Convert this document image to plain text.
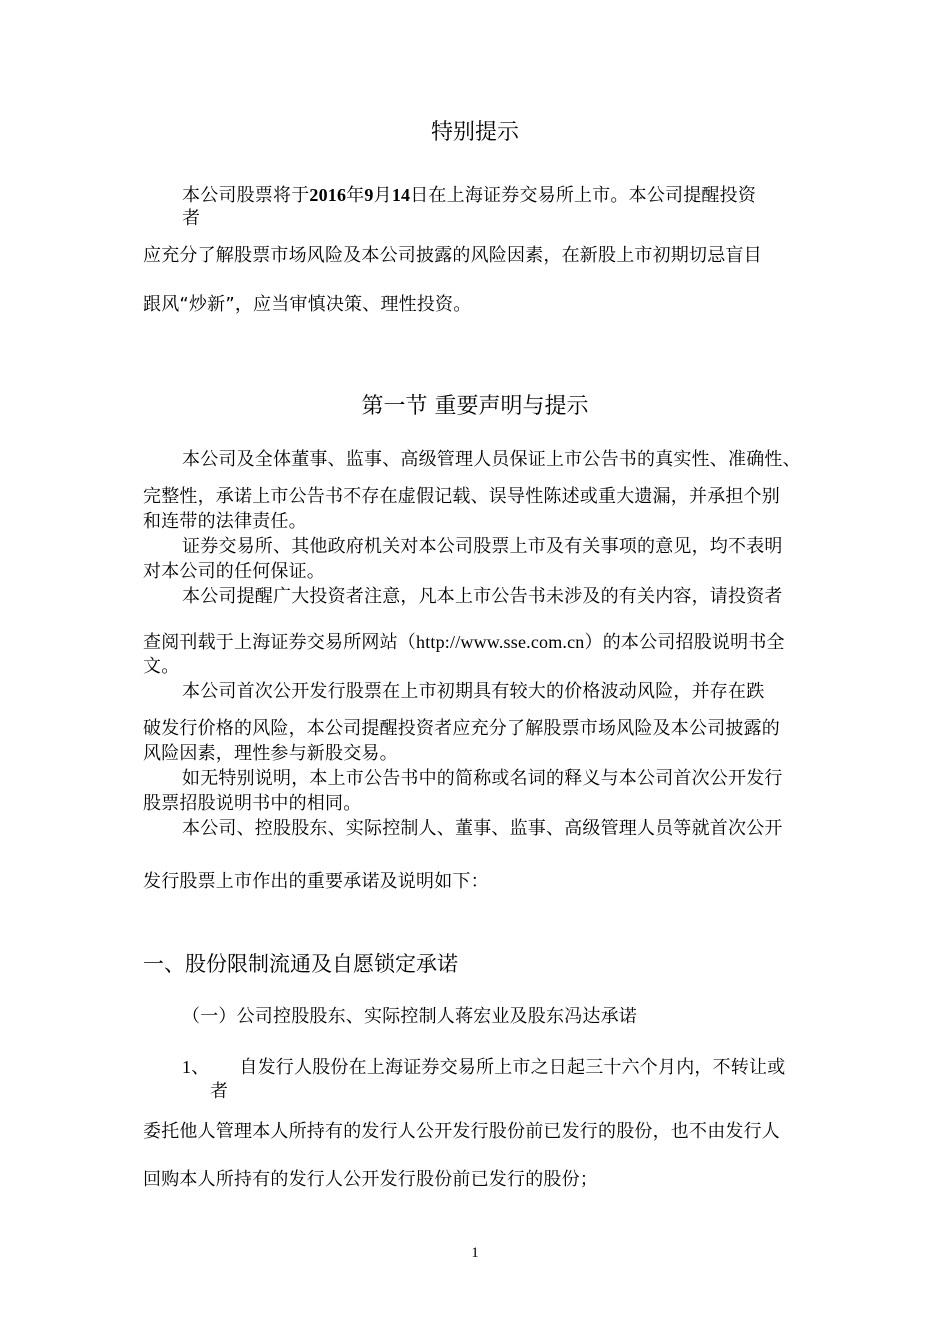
特别提示
本公司股票将于2016年9月14日在上海证券交易所上市。本公司提醒投资
者
应充分了解股票市场风险及本公司披露的风险因素，在新股上市初期切忌盲目
跟风“炒新”，应当审慎决策、理性投资。
第一节 重要声明与提示
本公司及全体董事、监事、高级管理人员保证上市公告书的真实性、准确性、
完整性，承诺上市公告书不存在虚假记载、误导性陈述或重大遗漏，并承担个别
和连带的法律责任。
证券交易所、其他政府机关对本公司股票上市及有关事项的意见，均不表明
对本公司的任何保证。
本公司提醒广大投资者注意，凡本上市公告书未涉及的有关内容，请投资者
查阅刊载于上海证券交易所网站（http://www.sse.com.cn）的本公司招股说明书全
文。
本公司首次公开发行股票在上市初期具有较大的价格波动风险，并存在跌
破发行价格的风险，本公司提醒投资者应充分了解股票市场风险及本公司披露的
风险因素，理性参与新股交易。
如无特别说明，本上市公告书中的简称或名词的释义与本公司首次公开发行
股票招股说明书中的相同。
本公司、控股股东、实际控制人、董事、监事、高级管理人员等就首次公开
发行股票上市作出的重要承诺及说明如下：
一、股份限制流通及自愿锁定承诺
（一）公司控股股东、实际控制人蒋宏业及股东冯达承诺
1、 自发行人股份在上海证券交易所上市之日起三十六个月内，不转让或
者
委托他人管理本人所持有的发行人公开发行股份前已发行的股份，也不由发行人
回购本人所持有的发行人公开发行股份前已发行的股份；
1
